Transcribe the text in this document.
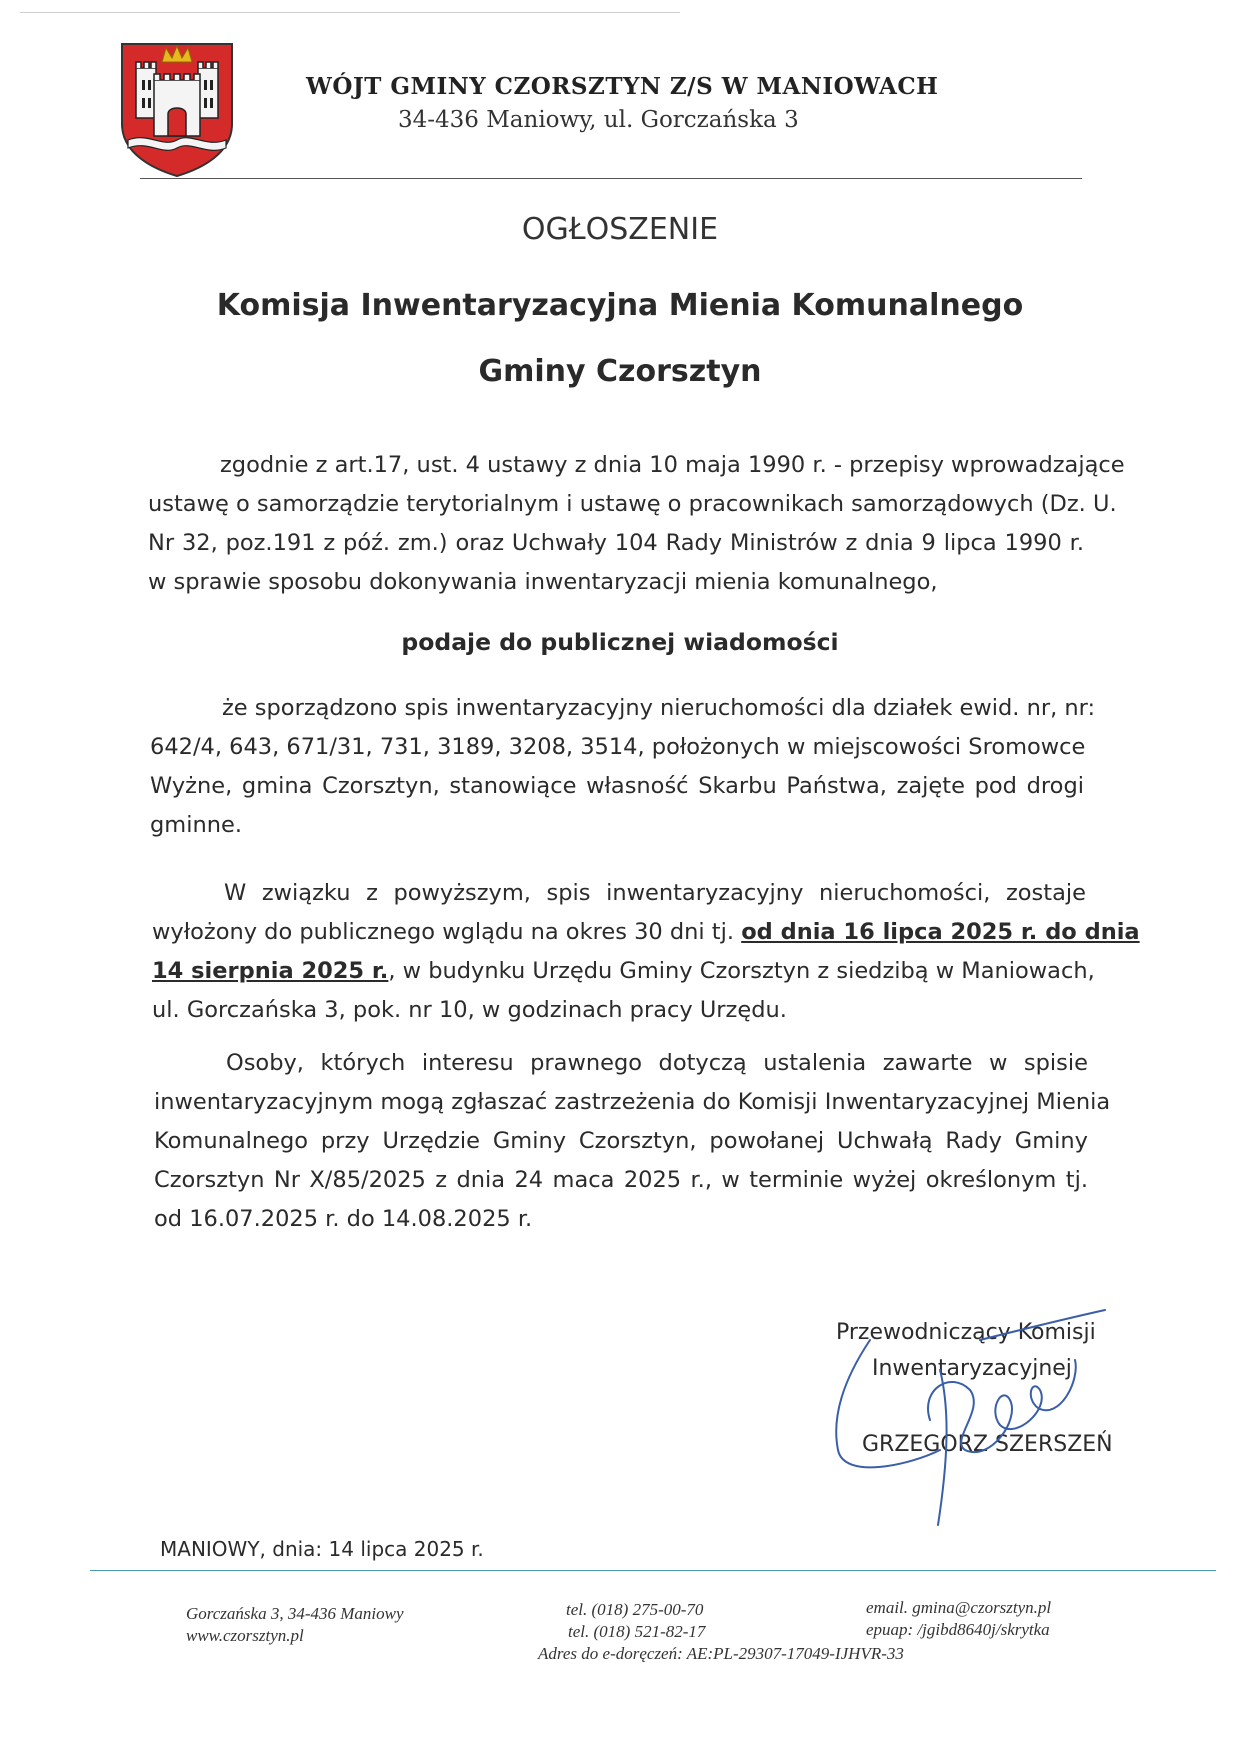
WÓJT GMINY CZORSZTYN Z/S W MANIOWACH
34-436 Maniowy, ul. Gorczańska 3
OGŁOSZENIE
Komisja Inwentaryzacyjna Mienia Komunalnego
Gminy Czorsztyn
zgodnie z art.17, ust. 4 ustawy z dnia 10 maja 1990 r. - przepisy wprowadzające
ustawę o samorządzie terytorialnym i ustawę o pracownikach samorządowych (Dz. U.
Nr 32, poz.191 z póź. zm.) oraz Uchwały 104 Rady Ministrów z dnia 9 lipca 1990 r.
w sprawie sposobu dokonywania inwentaryzacji mienia komunalnego,
podaje do publicznej wiadomości
że sporządzono spis inwentaryzacyjny nieruchomości dla działek ewid. nr, nr:
642/4, 643, 671/31, 731, 3189, 3208, 3514, położonych w miejscowości Sromowce
Wyżne, gmina Czorsztyn, stanowiące własność Skarbu Państwa, zajęte pod drogi
gminne.
W związku z powyższym, spis inwentaryzacyjny nieruchomości, zostaje
wyłożony do publicznego wglądu na okres 30 dni tj. od dnia 16 lipca 2025 r. do dnia
14 sierpnia 2025 r., w budynku Urzędu Gminy Czorsztyn z siedzibą w Maniowach,
ul. Gorczańska 3, pok. nr 10, w godzinach pracy Urzędu.
Osoby, których interesu prawnego dotyczą ustalenia zawarte w spisie
inwentaryzacyjnym mogą zgłaszać zastrzeżenia do Komisji Inwentaryzacyjnej Mienia
Komunalnego przy Urzędzie Gminy Czorsztyn, powołanej Uchwałą Rady Gminy
Czorsztyn Nr X/85/2025 z dnia 24 maca 2025 r., w terminie wyżej określonym tj.
od 16.07.2025 r. do 14.08.2025 r.
Przewodniczący Komisji
Inwentaryzacyjnej
GRZEGORZ SZERSZEŃ
MANIOWY, dnia: 14 lipca 2025 r.
Gorczańska 3, 34-436 Maniowy
www.czorsztyn.pl
tel. (018) 275-00-70
tel. (018) 521-82-17
Adres do e-doręczeń: AE:PL-29307-17049-IJHVR-33
email. gmina@czorsztyn.pl
epuap: /jgibd8640j/skrytka
